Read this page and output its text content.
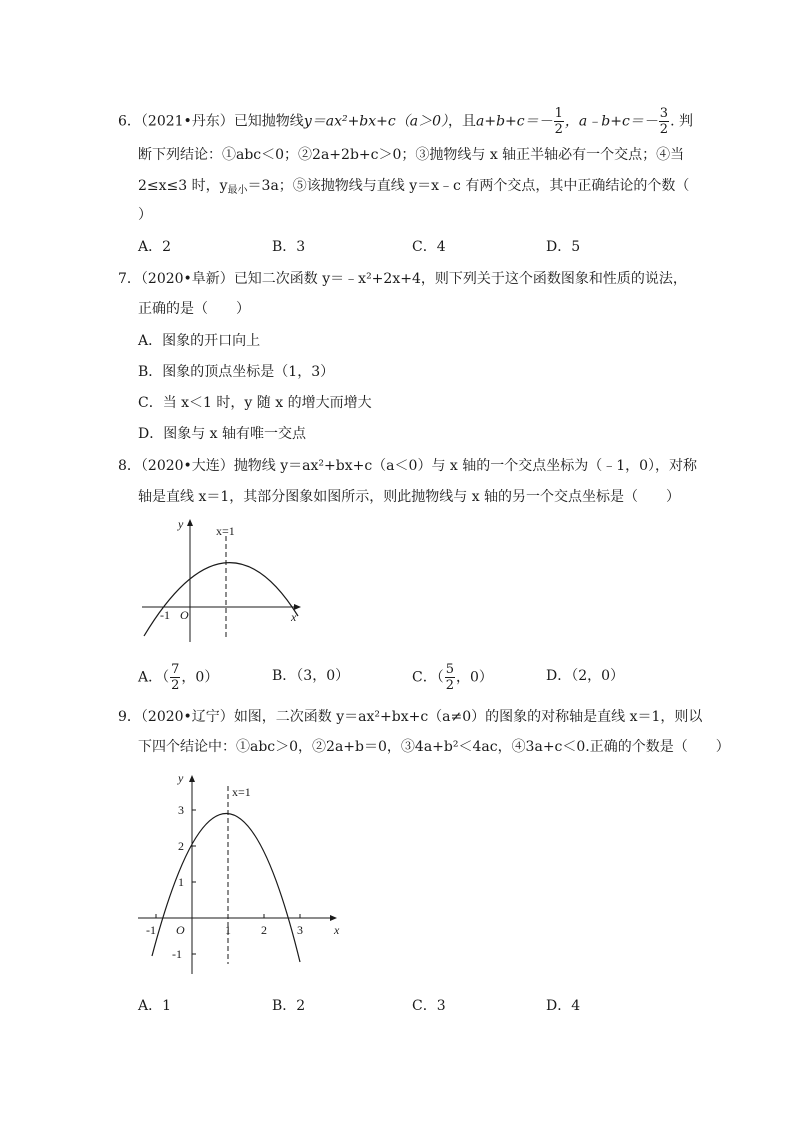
6．（2021•丹东）已知抛物线y＝ax²+bx+c（a＞0），且$a+b+c=- \frac{1}{2}$ ，a﹣b+c＝－ $\frac{3}{2}$ . 判
断下列结论：①abc＜0；②2a+2b+c＞0；③抛物线与 x 轴正半轴必有一个交点；④当
2≤x≤3 时，$y_{最小}=3a$；⑤该抛物线与直线 y＝x﹣c 有两个交点，其中正确结论的个数（
）
A．2	B．3	C．4	D．5
7．（2020•阜新）已知二次函数 y＝﹣x²+2x+4，则下列关于这个函数图象和性质的说法，
正确的是（　　）
A．图象的开口向上
B．图象的顶点坐标是（1，3）
C．当 x＜1 时，y 随 x 的增大而增大
D．图象与 x 轴有唯一交点
8．（2020•大连）抛物线 y＝ax²+bx+c（a＜0）与 x 轴的一个交点坐标为（﹣1，0），对称
轴是直线 x＝1，其部分图象如图所示，则此抛物线与 x 轴的另一个交点坐标是（　　）
y
x
O
-1
x=1
A．（ $\frac{7}{2}$ ，0）	B．（3，0）	C．（ $\frac{5}{2}$ ，0）	D．（2，0）
9．（2020•辽宁）如图，二次函数 y＝ax²+bx+c（a≠0）的图象的对称轴是直线 x＝1，则以
下四个结论中：①abc＞0，②2a+b＝0，③4a+b²＜4ac，④3a+c＜0.正确的个数是（　　）
y
x
O
x=1
-1	1	2	3
3
2
1
-1
A．1	B．2	C．3	D．4
